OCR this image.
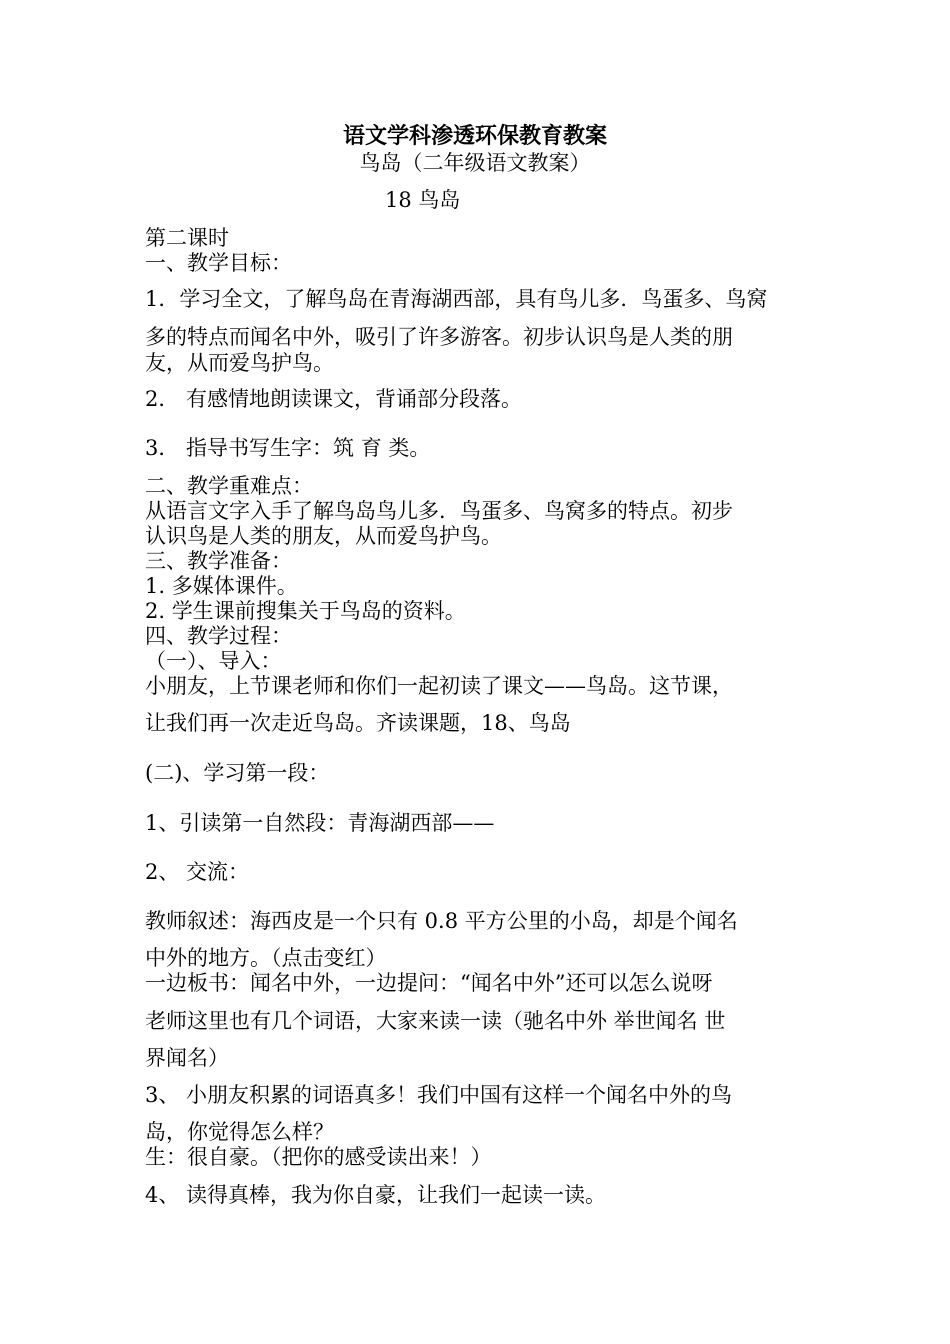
语文学科渗透环保教育教案
鸟岛（二年级语文教案）
18 鸟岛
第二课时
一、教学目标：
1．学习全文，了解鸟岛在青海湖西部，具有鸟儿多．鸟蛋多、鸟窝
多的特点而闻名中外，吸引了许多游客。初步认识鸟是人类的朋
友，从而爱鸟护鸟。
2． 有感情地朗读课文，背诵部分段落。
3． 指导书写生字：筑 育 类。
二、教学重难点：
从语言文字入手了解鸟岛鸟儿多．鸟蛋多、鸟窝多的特点。初步
认识鸟是人类的朋友，从而爱鸟护鸟。
三、教学准备：
1. 多媒体课件。
2. 学生课前搜集关于鸟岛的资料。
四、教学过程：
（一）、导入：
小朋友，上节课老师和你们一起初读了课文——鸟岛。这节课，
让我们再一次走近鸟岛。齐读课题，18、鸟岛
(二)、学习第一段：
1、引读第一自然段：青海湖西部——
2、 交流：
教师叙述：海西皮是一个只有 0.8 平方公里的小岛，却是个闻名
中外的地方。（点击变红）
一边板书：闻名中外，一边提问：“闻名中外”还可以怎么说呀
老师这里也有几个词语，大家来读一读（驰名中外 举世闻名 世
界闻名）
3、 小朋友积累的词语真多！我们中国有这样一个闻名中外的鸟
岛，你觉得怎么样？
生：很自豪。（把你的感受读出来！）
4、 读得真棒，我为你自豪，让我们一起读一读。
